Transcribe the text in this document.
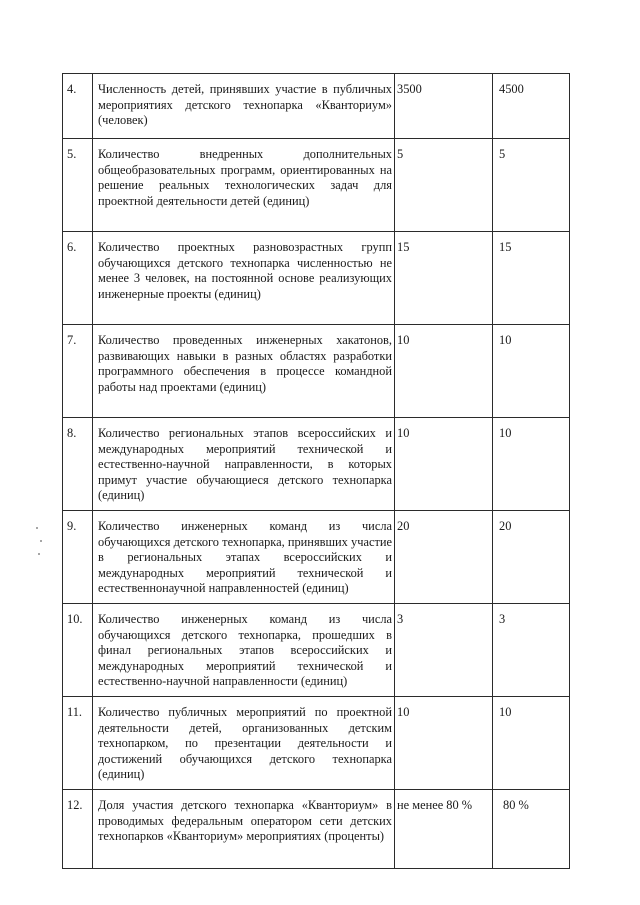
4.	Численность детей, принявших участие в публичных мероприятиях детского технопарка «Кванториум» (человек)	3500	4500
5.	Количество внедренных дополнительных общеобразовательных программ, ориентированных на решение реальных технологических задач для проектной деятельности детей (единиц)	5	5
6.	Количество проектных разновозрастных групп обучающихся детского технопарка численностью не менее 3 человек, на постоянной основе реализующих инженерные проекты (единиц)	15	15
7.	Количество проведенных инженерных хакатонов, развивающих навыки в разных областях разработки программного обеспечения в процессе командной работы над проектами (единиц)	10	10
8.	Количество региональных этапов всероссийских и международных мероприятий технической и естественно-научной направленности, в которых примут участие обучающиеся детского технопарка (единиц)	10	10
9.	Количество инженерных команд из числа обучающихся детского технопарка, принявших участие в региональных этапах всероссийских и международных мероприятий технической и естественнонаучной направленностей (единиц)	20	20
10.	Количество инженерных команд из числа обучающихся детского технопарка, прошедших в финал региональных этапов всероссийских и международных мероприятий технической и естественно-научной направленности (единиц)	3	3
11.	Количество публичных мероприятий по проектной деятельности детей, организованных детским технопарком, по презентации деятельности и достижений обучающихся детского технопарка (единиц)	10	10
12.	Доля участия детского технопарка «Кванториум» в проводимых федеральным оператором сети детских технопарков «Кванториум» мероприятиях (проценты)	не менее 80 %	80 %
